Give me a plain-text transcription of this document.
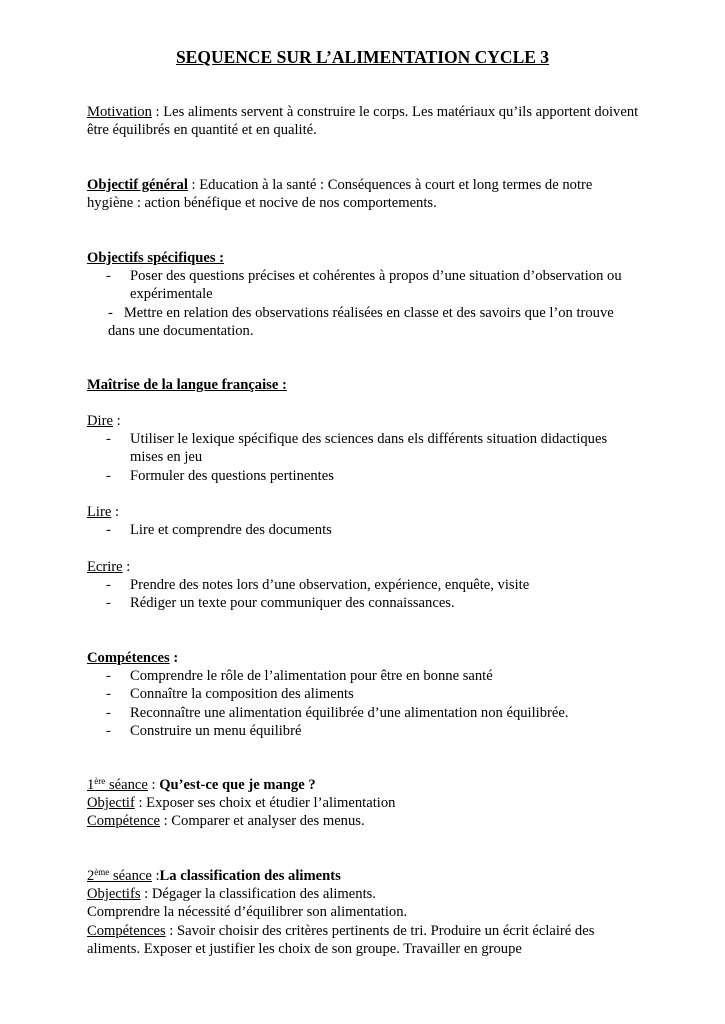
SEQUENCE SUR L’ALIMENTATION CYCLE 3
Motivation : Les aliments servent à construire le corps. Les matériaux qu’ils apportent doivent être équilibrés en quantité et en qualité.
Objectif général : Education à la santé : Conséquences à court et long termes de notre hygiène : action bénéfique et nocive de nos comportements.
Objectifs spécifiques :
- Poser des questions précises et cohérentes à propos d’une situation d’observation ou expérimentale
-   Mettre en relation des observations réalisées en classe et des savoirs que l’on trouve dans une documentation.
Maîtrise de la langue française :
Dire :
- Utiliser le lexique spécifique des sciences dans els différents situation didactiques mises en jeu
- Formuler des questions pertinentes
Lire :
- Lire et comprendre des documents
Ecrire :
- Prendre des notes lors d’une observation, expérience, enquête, visite
- Rédiger un texte pour communiquer des connaissances.
Compétences :
- Comprendre le rôle de l’alimentation pour être en bonne santé
- Connaître la composition des aliments
- Reconnaître une alimentation équilibrée d’une alimentation non équilibrée.
- Construire un menu équilibré
1ère séance : Qu’est-ce que je mange ?
Objectif : Exposer ses choix et étudier l’alimentation
Compétence : Comparer et analyser des menus.
2ème séance :La classification des aliments
Objectifs : Dégager la classification des aliments.
Comprendre la nécessité d’équilibrer son alimentation.
Compétences : Savoir choisir des critères pertinents de tri. Produire un écrit éclairé des aliments. Exposer et justifier les choix de son groupe. Travailler en groupe
